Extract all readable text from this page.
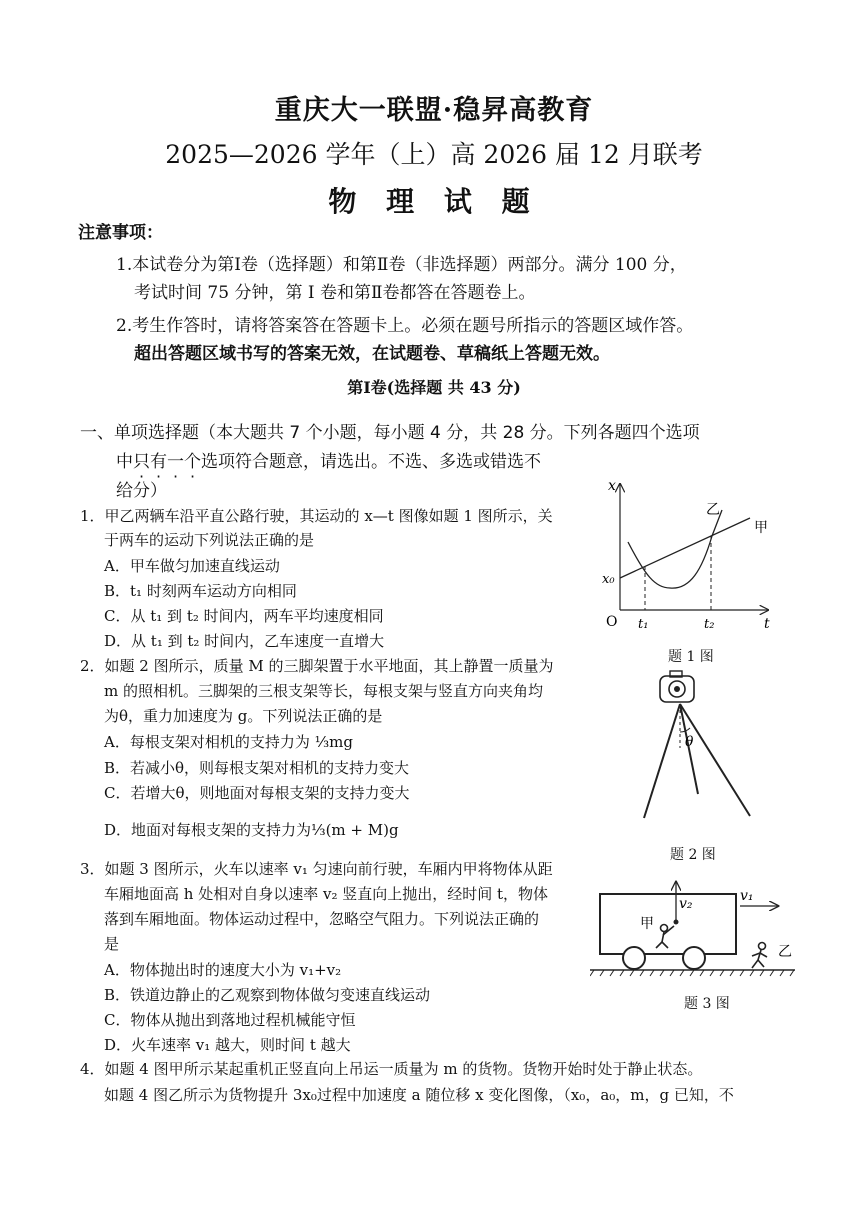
重庆大一联盟·稳昇高教育
2025—2026 学年（上）高 2026 届 12 月联考
物 理 试 题
注意事项：
1.本试卷分为第Ⅰ卷（选择题）和第Ⅱ卷（非选择题）两部分。满分 100 分，
考试时间 75 分钟，第 I 卷和第Ⅱ卷都答在答题卷上。
2.考生作答时，请将答案答在答题卡上。必须在题号所指示的答题区域作答。
超出答题区域书写的答案无效，在试题卷、草稿纸上答题无效。
第Ⅰ卷(选择题 共 43 分)
一、单项选择题（本大题共 7 个小题，每小题 4 分，共 28 分。下列各题四个选项
中只有一个选项符合题意，请选出。不选、多选或错选不
给分）
1．甲乙两辆车沿平直公路行驶，其运动的 x—t 图像如题 1 图所示，关
于两车的运动下列说法正确的是
A．甲车做匀加速直线运动
B．t₁ 时刻两车运动方向相同
C．从 t₁ 到 t₂ 时间内，两车平均速度相同
D．从 t₁ 到 t₂ 时间内，乙车速度一直增大
x
t
O
x₀
t₁	t₂
甲
乙
题 1 图
2．如题 2 图所示，质量 M 的三脚架置于水平地面，其上静置一质量为
m 的照相机。三脚架的三根支架等长，每根支架与竖直方向夹角均
为θ，重力加速度为 g。下列说法正确的是
A．每根支架对相机的支持力为 ⅓mg
B．若减小θ，则每根支架对相机的支持力变大
C．若增大θ，则地面对每根支架的支持力变大
D．地面对每根支架的支持力为⅓(m + M)g
θ
题 2 图
3．如题 3 图所示，火车以速率 v₁ 匀速向前行驶，车厢内甲将物体从距
车厢地面高 h 处相对自身以速率 v₂ 竖直向上抛出，经时间 t，物体
落到车厢地面。物体运动过程中，忽略空气阻力。下列说法正确的
是
A．物体抛出时的速度大小为 v₁+v₂
B．铁道边静止的乙观察到物体做匀变速直线运动
C．物体从抛出到落地过程机械能守恒
D．火车速率 v₁ 越大，则时间 t 越大
v₁
v₂
甲
乙
题 3 图
4．如题 4 图甲所示某起重机正竖直向上吊运一质量为 m 的货物。货物开始时处于静止状态。
如题 4 图乙所示为货物提升 3x₀过程中加速度 a 随位移 x 变化图像，（x₀，a₀，m，g 已知，不
